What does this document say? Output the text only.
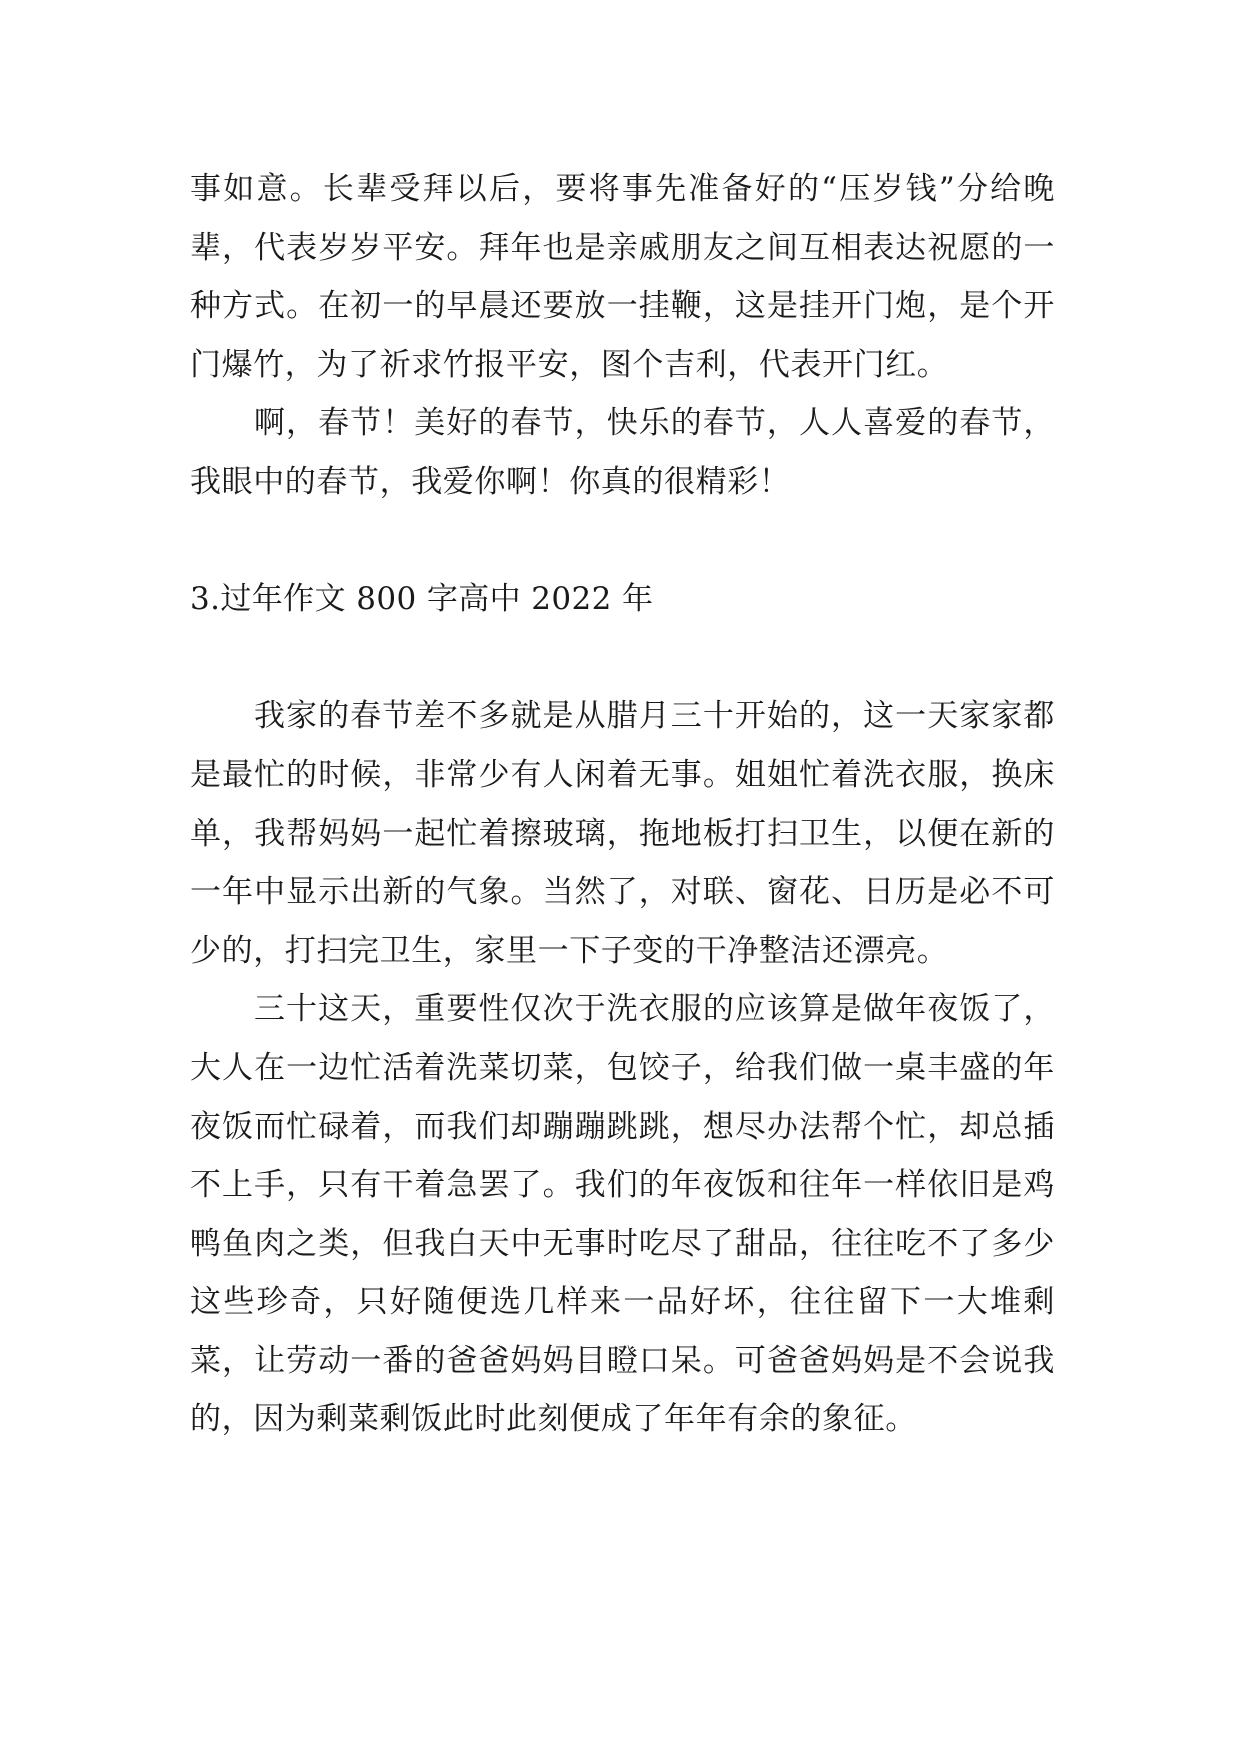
事如意。长辈受拜以后，要将事先准备好的“压岁钱”分给晚辈，代表岁岁平安。拜年也是亲戚朋友之间互相表达祝愿的一种方式。在初一的早晨还要放一挂鞭，这是挂开门炮，是个开门爆竹，为了祈求竹报平安，图个吉利，代表开门红。

啊，春节！美好的春节，快乐的春节，人人喜爱的春节，我眼中的春节，我爱你啊！你真的很精彩！

3.过年作文 800 字高中 2022 年

我家的春节差不多就是从腊月三十开始的，这一天家家都是最忙的时候，非常少有人闲着无事。姐姐忙着洗衣服，换床单，我帮妈妈一起忙着擦玻璃，拖地板打扫卫生，以便在新的一年中显示出新的气象。当然了，对联、窗花、日历是必不可少的，打扫完卫生，家里一下子变的干净整洁还漂亮。

三十这天，重要性仅次于洗衣服的应该算是做年夜饭了，大人在一边忙活着洗菜切菜，包饺子，给我们做一桌丰盛的年夜饭而忙碌着，而我们却蹦蹦跳跳，想尽办法帮个忙，却总插不上手，只有干着急罢了。我们的年夜饭和往年一样依旧是鸡鸭鱼肉之类，但我白天中无事时吃尽了甜品，往往吃不了多少这些珍奇，只好随便选几样来一品好坏，往往留下一大堆剩菜，让劳动一番的爸爸妈妈目瞪口呆。可爸爸妈妈是不会说我的，因为剩菜剩饭此时此刻便成了年年有余的象征。
